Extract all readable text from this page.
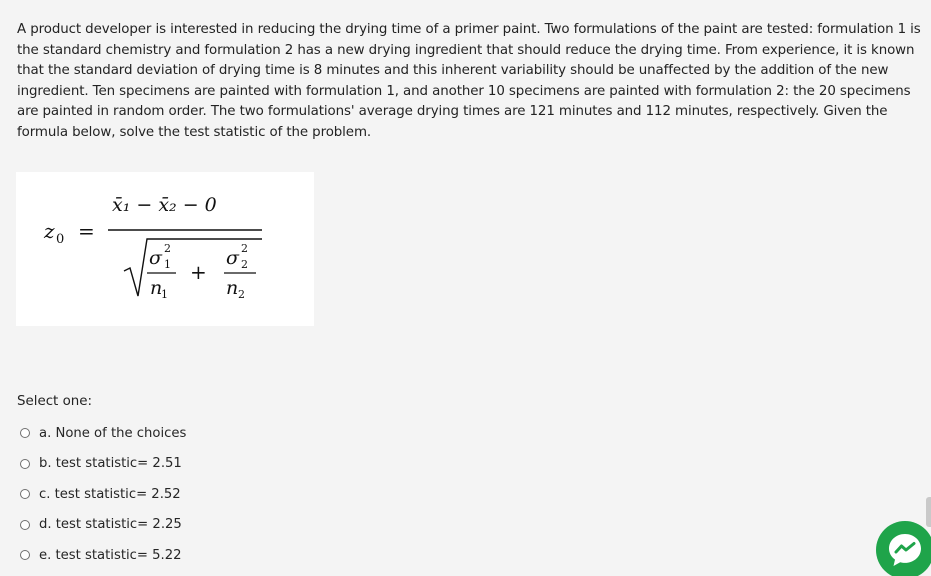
A product developer is interested in reducing the drying time of a primer paint. Two formulations of the paint are tested: formulation 1 is the standard chemistry and formulation 2 has a new drying ingredient that should reduce the drying time. From experience, it is known that the standard deviation of drying time is 8 minutes and this inherent variability should be unaffected by the addition of the new ingredient. Ten specimens are painted with formulation 1, and another 10 specimens are painted with formulation 2: the 20 specimens are painted in random order. The two formulations' average drying times are 121 minutes and 112 minutes, respectively. Given the formula below, solve the test statistic of the problem.
z 0 =
x̄₁ − x̄₂ − 0
σ 2
1
n
1
+
σ 2
2
n 2
Select one:
a. None of the choices
b. test statistic= 2.51
c. test statistic= 2.52
d. test statistic= 2.25
e. test statistic= 5.22
